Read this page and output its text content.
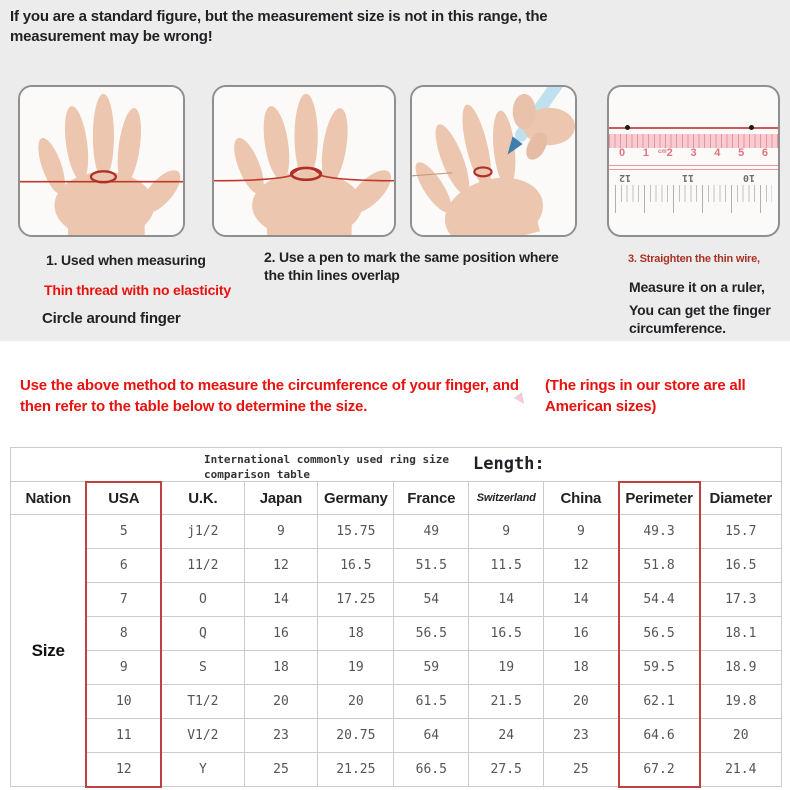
If you are a standard figure, but the measurement size is not in this range, the measurement may be wrong!

0 1 2 3 4 5 6
cm
12	11	10
1. Used when measuring
Thin thread with no elasticity
Circle around finger
2. Use a pen to mark the same position where the thin lines overlap
3. Straighten the thin wire,
Measure it on a ruler,
You can get the finger circumference.

Use the above method to measure the circumference of your finger, and then refer to the table below to determine the size.

(The rings in our store are all American sizes)

International commonly used ring size comparison table
Length:									

Nation	USA	U.K.	Japan	Germany	France	Switzerland	China	Perimeter	Diameter
Size	5	j1/2	9	15.75	49	9	9	49.3	15.7
	6	11/2	12	16.5	51.5	11.5	12	51.8	16.5
	7	O	14	17.25	54	14	14	54.4	17.3
	8	Q	16	18	56.5	16.5	16	56.5	18.1
	9	S	18	19	59	19	18	59.5	18.9
	10	T1/2	20	20	61.5	21.5	20	62.1	19.8
	11	V1/2	23	20.75	64	24	23	64.6	20
	12	Y	25	21.25	66.5	27.5	25	67.2	21.4
